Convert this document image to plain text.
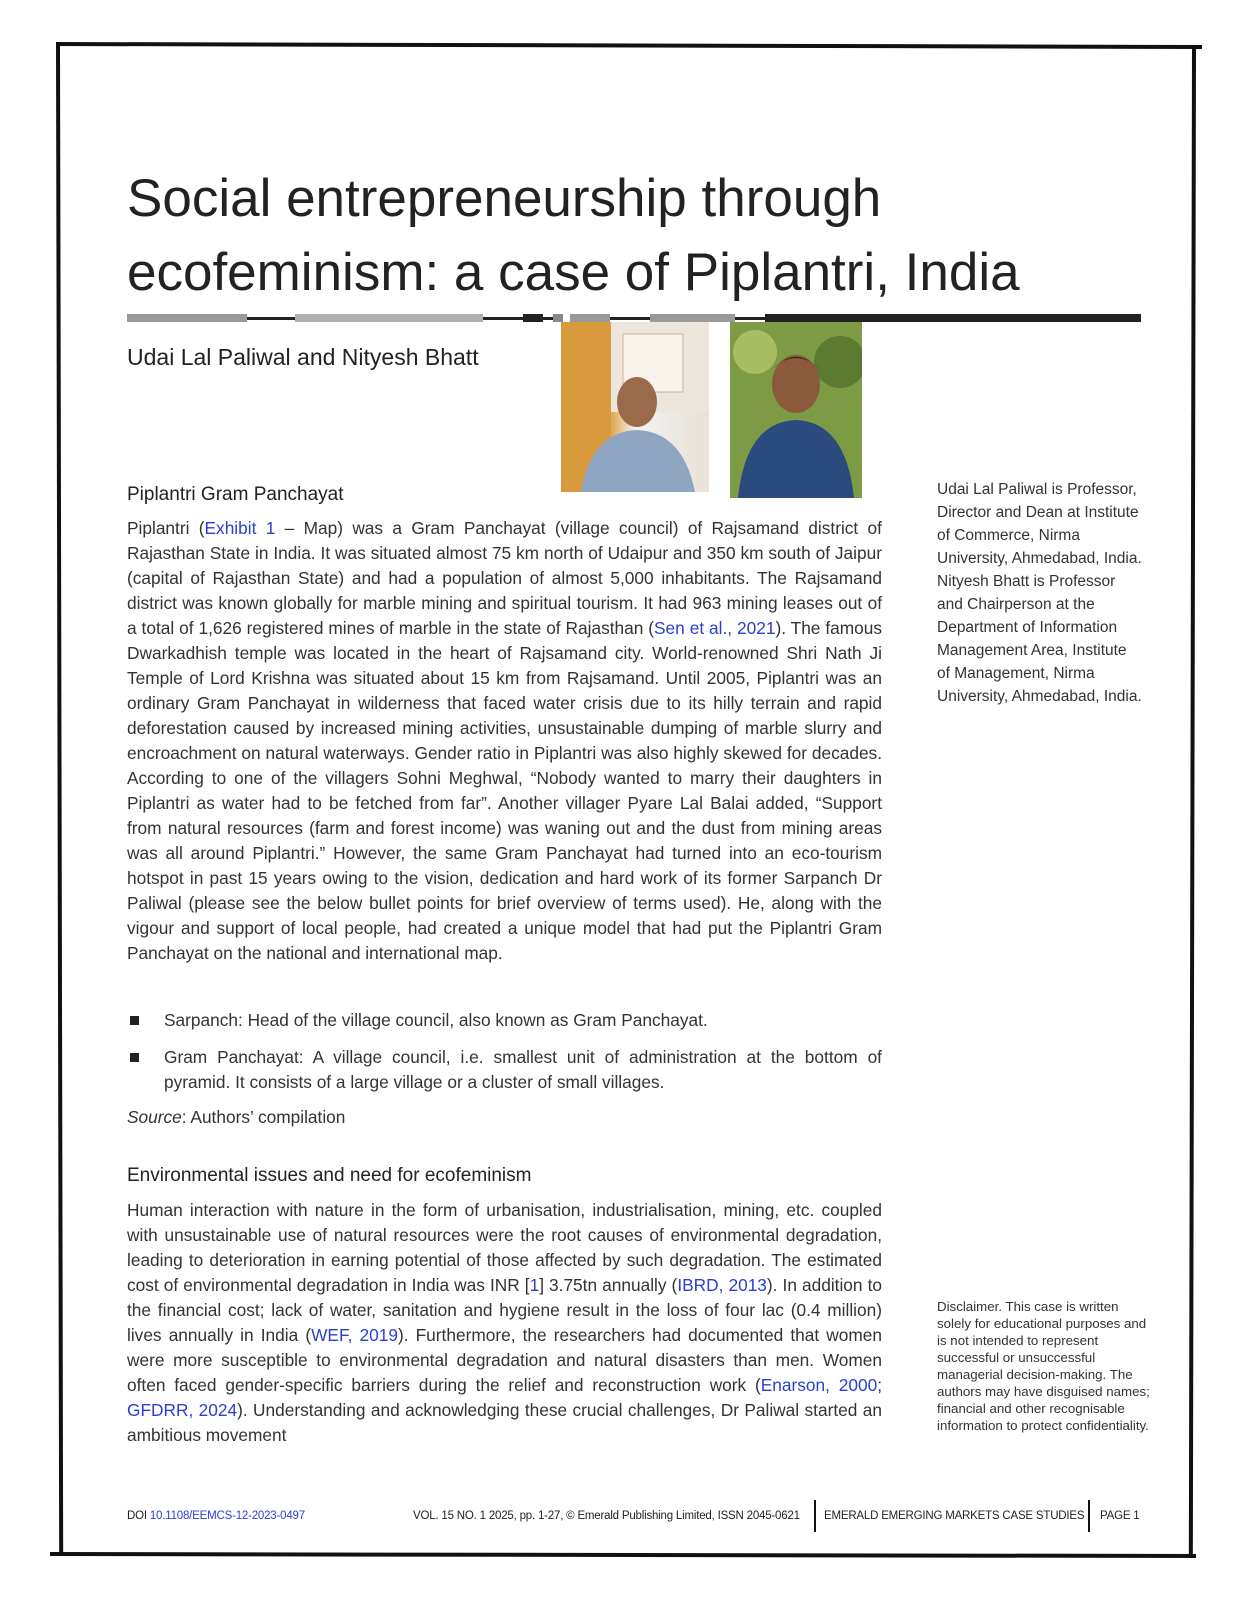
Social entrepreneurship through ecofeminism: a case of Piplantri, India

Udai Lal Paliwal and Nityesh Bhatt

Piplantri Gram Panchayat

Piplantri (Exhibit 1 – Map) was a Gram Panchayat (village council) of Rajsamand district of Rajasthan State in India. It was situated almost 75 km north of Udaipur and 350 km south of Jaipur (capital of Rajasthan State) and had a population of almost 5,000 inhabitants. The Rajsamand district was known globally for marble mining and spiritual tourism. It had 963 mining leases out of a total of 1,626 registered mines of marble in the state of Rajasthan (Sen et al., 2021). The famous Dwarkadhish temple was located in the heart of Rajsamand city. World-renowned Shri Nath Ji Temple of Lord Krishna was situated about 15 km from Rajsamand. Until 2005, Piplantri was an ordinary Gram Panchayat in wilderness that faced water crisis due to its hilly terrain and rapid deforestation caused by increased mining activities, unsustainable dumping of marble slurry and encroachment on natural waterways. Gender ratio in Piplantri was also highly skewed for decades. According to one of the villagers Sohni Meghwal, “Nobody wanted to marry their daughters in Piplantri as water had to be fetched from far”. Another villager Pyare Lal Balai added, “Support from natural resources (farm and forest income) was waning out and the dust from mining areas was all around Piplantri.” However, the same Gram Panchayat had turned into an eco-tourism hotspot in past 15 years owing to the vision, dedication and hard work of its former Sarpanch Dr Paliwal (please see the below bullet points for brief overview of terms used). He, along with the vigour and support of local people, had created a unique model that had put the Piplantri Gram Panchayat on the national and international map.

Sarpanch: Head of the village council, also known as Gram Panchayat.
Gram Panchayat: A village council, i.e. smallest unit of administration at the bottom of pyramid. It consists of a large village or a cluster of small villages.

Source: Authors’ compilation

Environmental issues and need for ecofeminism

Human interaction with nature in the form of urbanisation, industrialisation, mining, etc. coupled with unsustainable use of natural resources were the root causes of environmental degradation, leading to deterioration in earning potential of those affected by such degradation. The estimated cost of environmental degradation in India was INR [1] 3.75tn annually (IBRD, 2013). In addition to the financial cost; lack of water, sanitation and hygiene result in the loss of four lac (0.4 million) lives annually in India (WEF, 2019). Furthermore, the researchers had documented that women were more susceptible to environmental degradation and natural disasters than men. Women often faced gender-specific barriers during the relief and reconstruction work (Enarson, 2000; GFDRR, 2024). Understanding and acknowledging these crucial challenges, Dr Paliwal started an ambitious movement

Udai Lal Paliwal is Professor, Director and Dean at Institute of Commerce, Nirma University, Ahmedabad, India. Nityesh Bhatt is Professor and Chairperson at the Department of Information Management Area, Institute of Management, Nirma University, Ahmedabad, India.

Disclaimer. This case is written solely for educational purposes and is not intended to represent successful or unsuccessful managerial decision-making. The authors may have disguised names; financial and other recognisable information to protect confidentiality.

DOI 10.1108/EEMCS-12-2023-0497	VOL. 15 NO. 1 2025, pp. 1-27, © Emerald Publishing Limited, ISSN 2045-0621 EMERALD EMERGING MARKETS CASE STUDIES PAGE 1
